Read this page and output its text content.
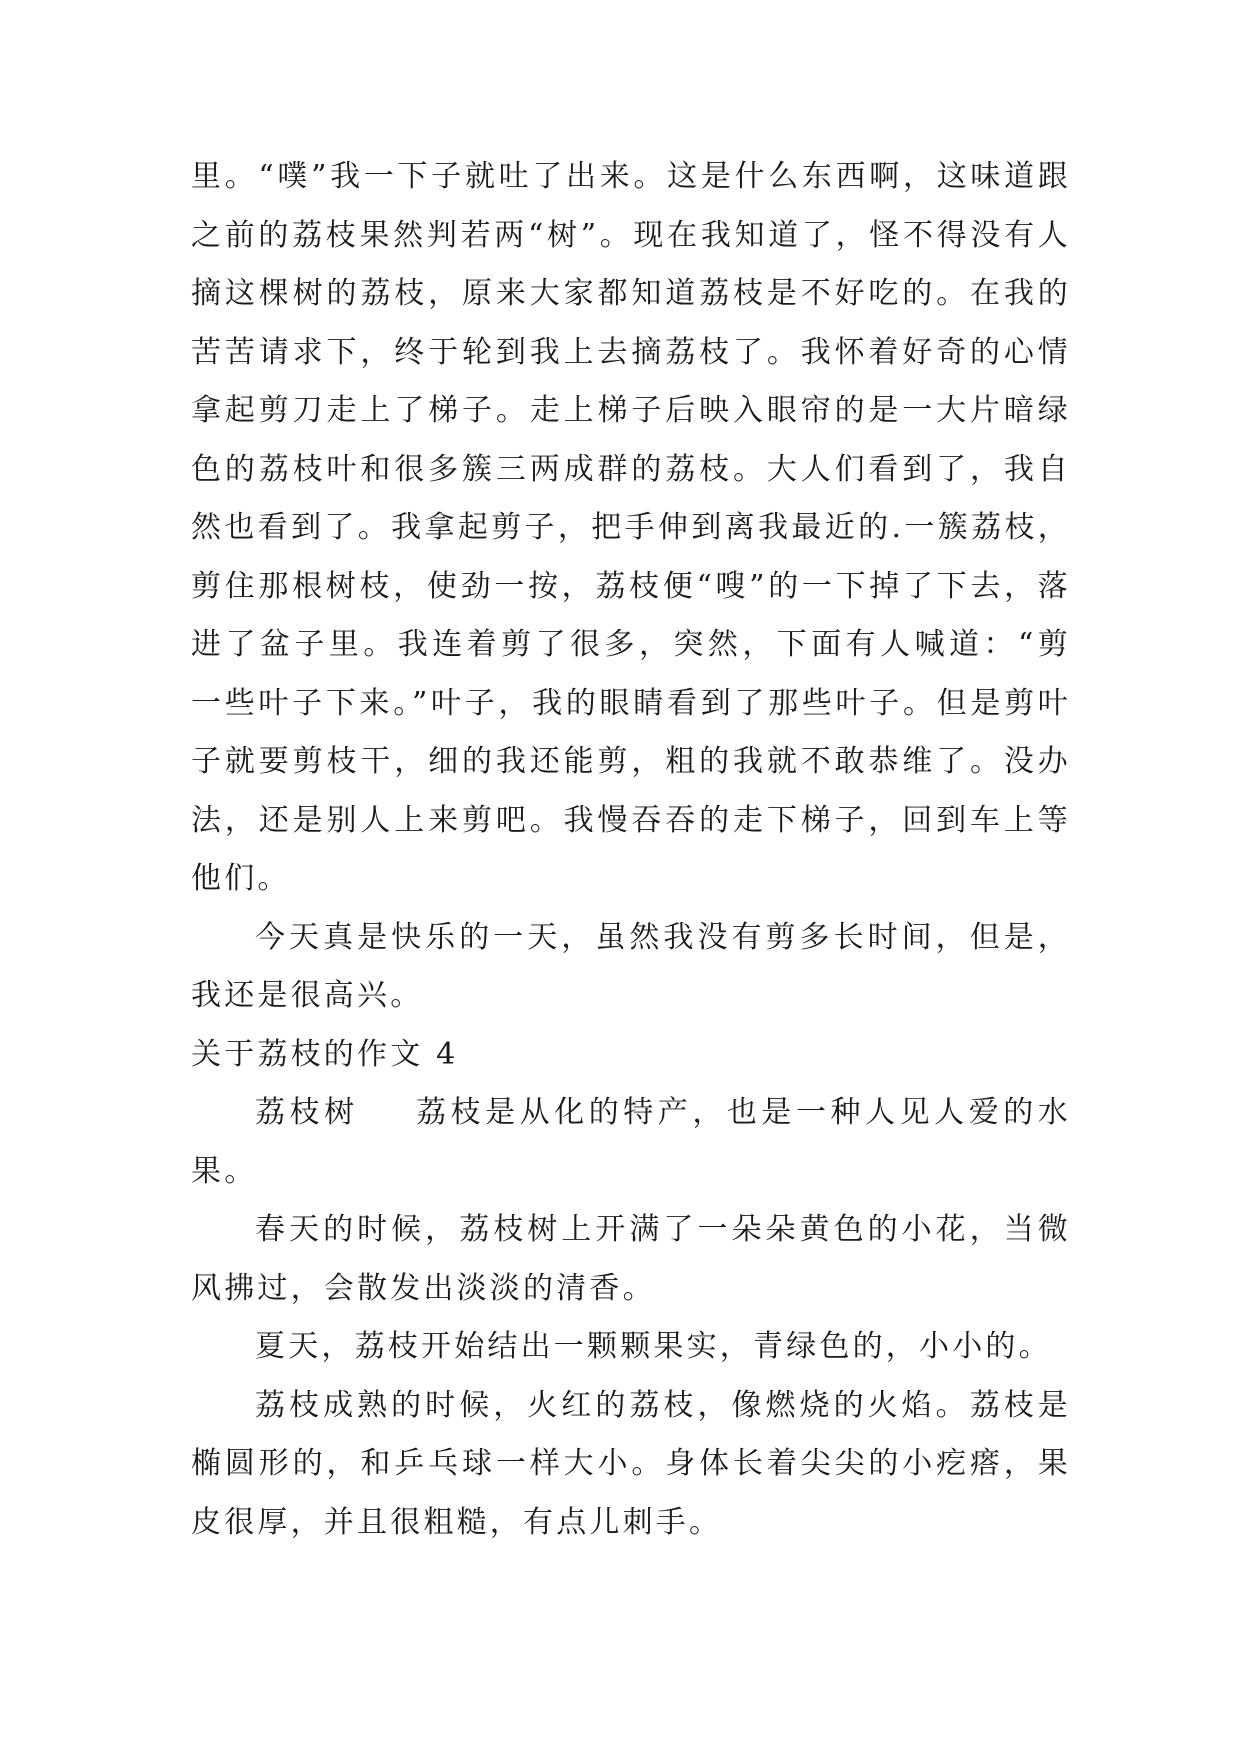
里。“噗”我一下子就吐了出来。这是什么东西啊，这味道跟之前的荔枝果然判若两“树”。现在我知道了，怪不得没有人摘这棵树的荔枝，原来大家都知道荔枝是不好吃的。在我的苦苦请求下，终于轮到我上去摘荔枝了。我怀着好奇的心情拿起剪刀走上了梯子。走上梯子后映入眼帘的是一大片暗绿色的荔枝叶和很多簇三两成群的荔枝。大人们看到了，我自然也看到了。我拿起剪子，把手伸到离我最近的.一簇荔枝，剪住那根树枝，使劲一按，荔枝便“嗖”的一下掉了下去，落进了盆子里。我连着剪了很多，突然，下面有人喊道：“剪一些叶子下来。”叶子，我的眼睛看到了那些叶子。但是剪叶子就要剪枝干，细的我还能剪，粗的我就不敢恭维了。没办法，还是别人上来剪吧。我慢吞吞的走下梯子，回到车上等他们。

今天真是快乐的一天，虽然我没有剪多长时间，但是，我还是很高兴。

关于荔枝的作文 4

荔枝树 荔枝是从化的特产，也是一种人见人爱的水果。

春天的时候，荔枝树上开满了一朵朵黄色的小花，当微风拂过，会散发出淡淡的清香。

夏天，荔枝开始结出一颗颗果实，青绿色的，小小的。

荔枝成熟的时候，火红的荔枝，像燃烧的火焰。荔枝是椭圆形的，和乒乓球一样大小。身体长着尖尖的小疙瘩，果皮很厚，并且很粗糙，有点儿刺手。
